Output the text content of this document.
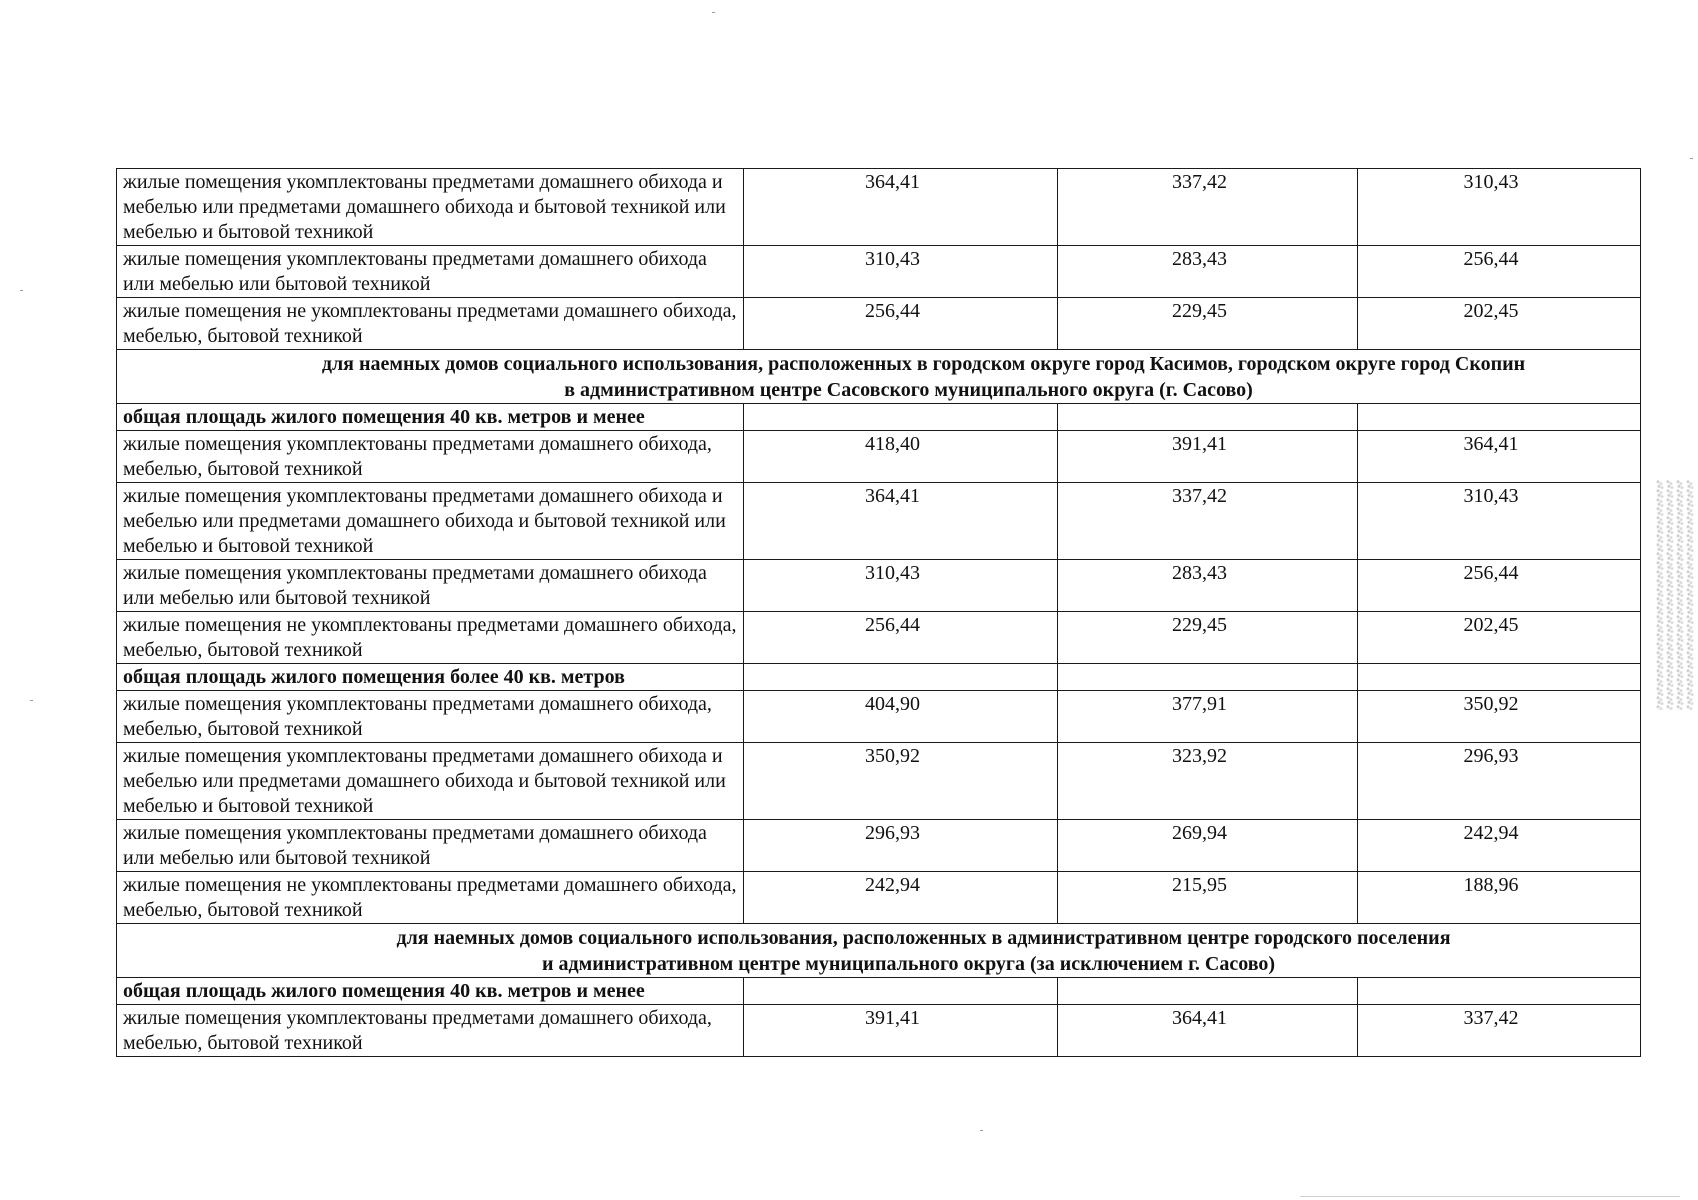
жилые помещения укомплектованы предметами домашнего обихода и мебелью или предметами домашнего обихода и бытовой техникой или мебелью и бытовой техникой	364,41	337,42	310,43
жилые помещения укомплектованы предметами домашнего обихода или мебелью или бытовой техникой	310,43	283,43	256,44
жилые помещения не укомплектованы предметами домашнего обихода, мебелью, бытовой техникой	256,44	229,45	202,45

для наемных домов социального использования, расположенных в городском округе город Касимов, городском округе город Скопин
в административном центре Сасовского муниципального округа (г. Сасово)			

общая площадь жилого помещения 40 кв. метров и менее			
жилые помещения укомплектованы предметами домашнего обихода, мебелью, бытовой техникой	418,40	391,41	364,41
жилые помещения укомплектованы предметами домашнего обихода и мебелью или предметами домашнего обихода и бытовой техникой или мебелью и бытовой техникой	364,41	337,42	310,43
жилые помещения укомплектованы предметами домашнего обихода или мебелью или бытовой техникой	310,43	283,43	256,44
жилые помещения не укомплектованы предметами домашнего обихода, мебелью, бытовой техникой	256,44	229,45	202,45
общая площадь жилого помещения более 40 кв. метров			
жилые помещения укомплектованы предметами домашнего обихода, мебелью, бытовой техникой	404,90	377,91	350,92
жилые помещения укомплектованы предметами домашнего обихода и мебелью или предметами домашнего обихода и бытовой техникой или мебелью и бытовой техникой	350,92	323,92	296,93
жилые помещения укомплектованы предметами домашнего обихода или мебелью или бытовой техникой	296,93	269,94	242,94
жилые помещения не укомплектованы предметами домашнего обихода, мебелью, бытовой техникой	242,94	215,95	188,96

для наемных домов социального использования, расположенных в административном центре городского поселения
и административном центре муниципального округа (за исключением г. Сасово)			

общая площадь жилого помещения 40 кв. метров и менее			
жилые помещения укомплектованы предметами домашнего обихода, мебелью, бытовой техникой	391,41	364,41	337,42
